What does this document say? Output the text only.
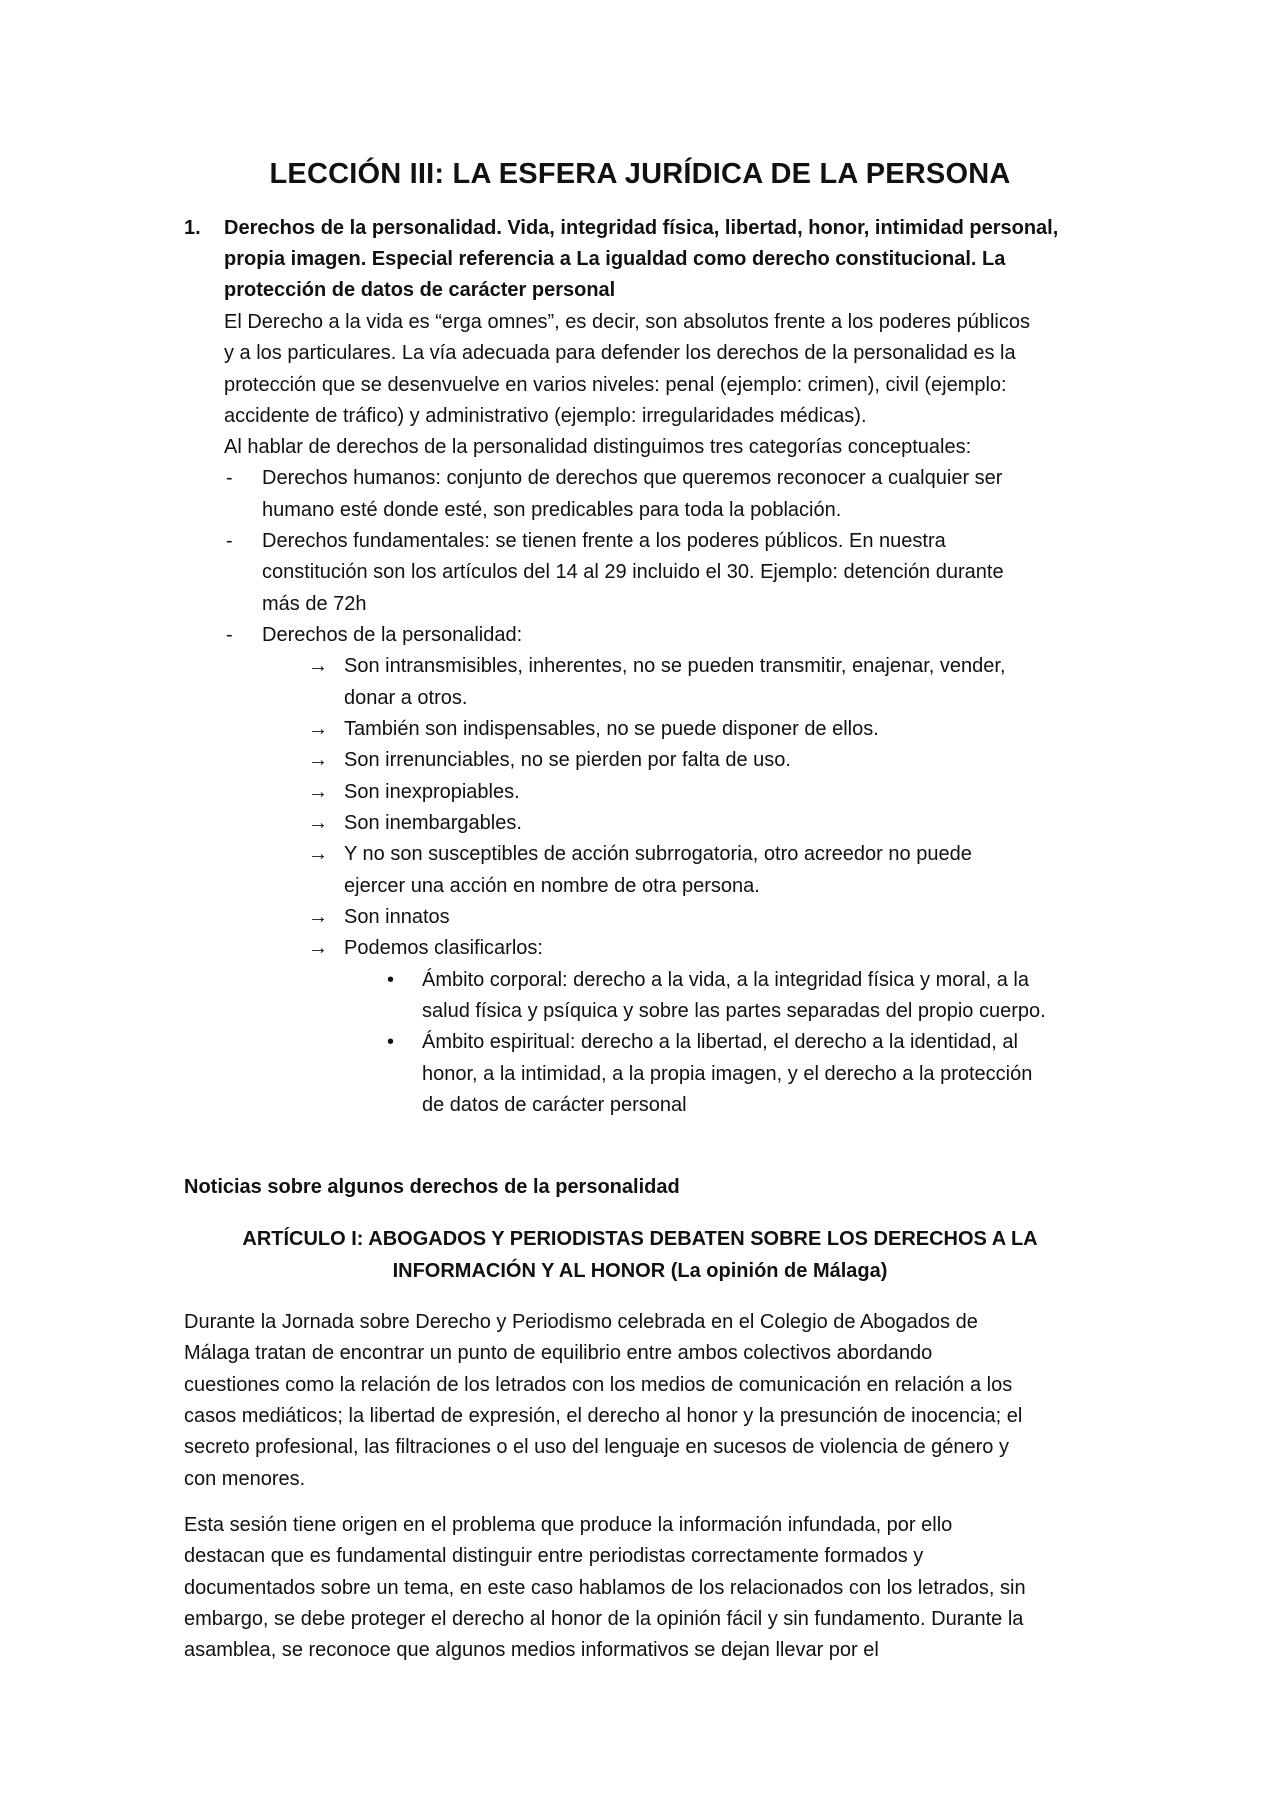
LECCIÓN III: LA ESFERA JURÍDICA DE LA PERSONA
1. Derechos de la personalidad. Vida, integridad física, libertad, honor, intimidad personal,
propia imagen. Especial referencia a La igualdad como derecho constitucional. La
protección de datos de carácter personal
El Derecho a la vida es “erga omnes”, es decir, son absolutos frente a los poderes públicos
y a los particulares. La vía adecuada para defender los derechos de la personalidad es la
protección que se desenvuelve en varios niveles: penal (ejemplo: crimen), civil (ejemplo:
accidente de tráfico) y administrativo (ejemplo: irregularidades médicas).
Al hablar de derechos de la personalidad distinguimos tres categorías conceptuales:
- Derechos humanos: conjunto de derechos que queremos reconocer a cualquier ser
humano esté donde esté, son predicables para toda la población.
- Derechos fundamentales: se tienen frente a los poderes públicos. En nuestra
constitución son los artículos del 14 al 29 incluido el 30. Ejemplo: detención durante
más de 72h
- Derechos de la personalidad:
→ Son intransmisibles, inherentes, no se pueden transmitir, enajenar, vender,
donar a otros.
→ También son indispensables, no se puede disponer de ellos.
→ Son irrenunciables, no se pierden por falta de uso.
→ Son inexpropiables.
→ Son inembargables.
→ Y no son susceptibles de acción subrrogatoria, otro acreedor no puede
ejercer una acción en nombre de otra persona.
→ Son innatos
→ Podemos clasificarlos:
• Ámbito corporal: derecho a la vida, a la integridad física y moral, a la
salud física y psíquica y sobre las partes separadas del propio cuerpo.
• Ámbito espiritual: derecho a la libertad, el derecho a la identidad, al
honor, a la intimidad, a la propia imagen, y el derecho a la protección
de datos de carácter personal
Noticias sobre algunos derechos de la personalidad
ARTÍCULO I: ABOGADOS Y PERIODISTAS DEBATEN SOBRE LOS DERECHOS A LA
INFORMACIÓN Y AL HONOR (La opinión de Málaga)
Durante la Jornada sobre Derecho y Periodismo celebrada en el Colegio de Abogados de
Málaga tratan de encontrar un punto de equilibrio entre ambos colectivos abordando
cuestiones como la relación de los letrados con los medios de comunicación en relación a los
casos mediáticos; la libertad de expresión, el derecho al honor y la presunción de inocencia; el
secreto profesional, las filtraciones o el uso del lenguaje en sucesos de violencia de género y
con menores.
Esta sesión tiene origen en el problema que produce la información infundada, por ello
destacan que es fundamental distinguir entre periodistas correctamente formados y
documentados sobre un tema, en este caso hablamos de los relacionados con los letrados, sin
embargo, se debe proteger el derecho al honor de la opinión fácil y sin fundamento. Durante la
asamblea, se reconoce que algunos medios informativos se dejan llevar por el
